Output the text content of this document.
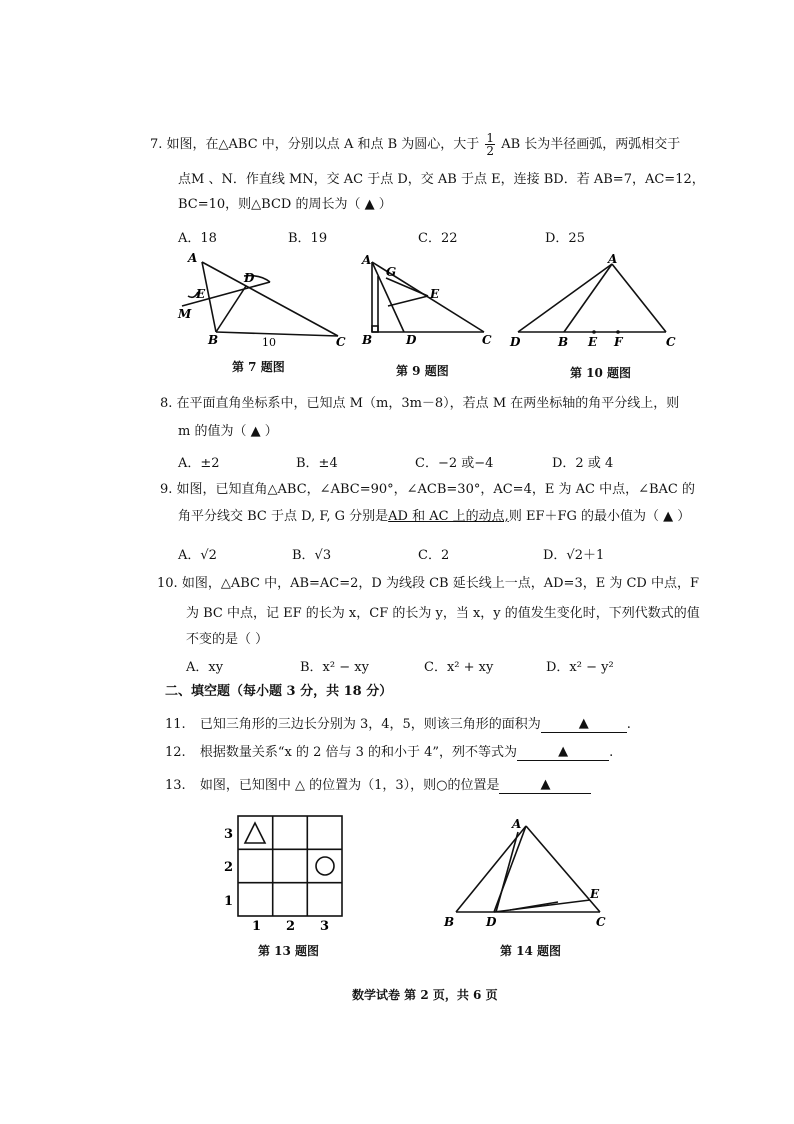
7. 如图，在△ABC 中，分别以点 A 和点 B 为圆心，大于 $\frac{1}{2}$ AB 长为半径画弧，两弧相交于
点M 、N．作直线 MN，交 AC 于点 D，交 AB 于点 E，连接 BD．若 AB=7，AC=12，
BC=10，则△BCD 的周长为（ ▲ ）
A．18	B．19	C．22	D．25
A
D
E
M
B	C
10
第 7 题图
A
G
E
B	D	C
第 9 题图
A
D	B E F	C
第 10 题图
8. 在平面直角坐标系中，已知点 M（m，3m－8），若点 M 在两坐标轴的角平分线上，则
m 的值为（ ▲ ）
A．±2	B．±4	C．−2 或−4	D．2 或 4
9. 如图，已知直角△ABC，∠ABC=90°，∠ACB=30°，AC=4，E 为 AC 中点，∠BAC 的
角平分线交 BC 于点 D, F, G 分别是AD 和 AC 上的动点,则 EF＋FG 的最小值为（ ▲ ）
A．√2	B．√3	C．2	D．√2＋1
10. 如图，△ABC 中，AB=AC=2，D 为线段 CB 延长线上一点，AD=3，E 为 CD 中点，F
为 BC 中点，记 EF 的长为 x，CF 的长为 y，当 x，y 的值发生变化时，下列代数式的值
不变的是（ ）
A．xy	B．x² − xy	C．x² + xy	D．x² − y²
二、填空题（每小题 3 分，共 18 分）
11. 已知三角形的三边长分别为 3，4，5，则该三角形的面积为	▲	.
12. 根据数量关系“x 的 2 倍与 3 的和小于 4”，列不等式为	▲	.
13. 如图，已知图中 △ 的位置为（1，3），则○的位置是	▲
3
2
1
1 2 3
第 13 题图
A
E
B	D	C
第 14 题图
数学试卷 第 2 页，共 6 页
